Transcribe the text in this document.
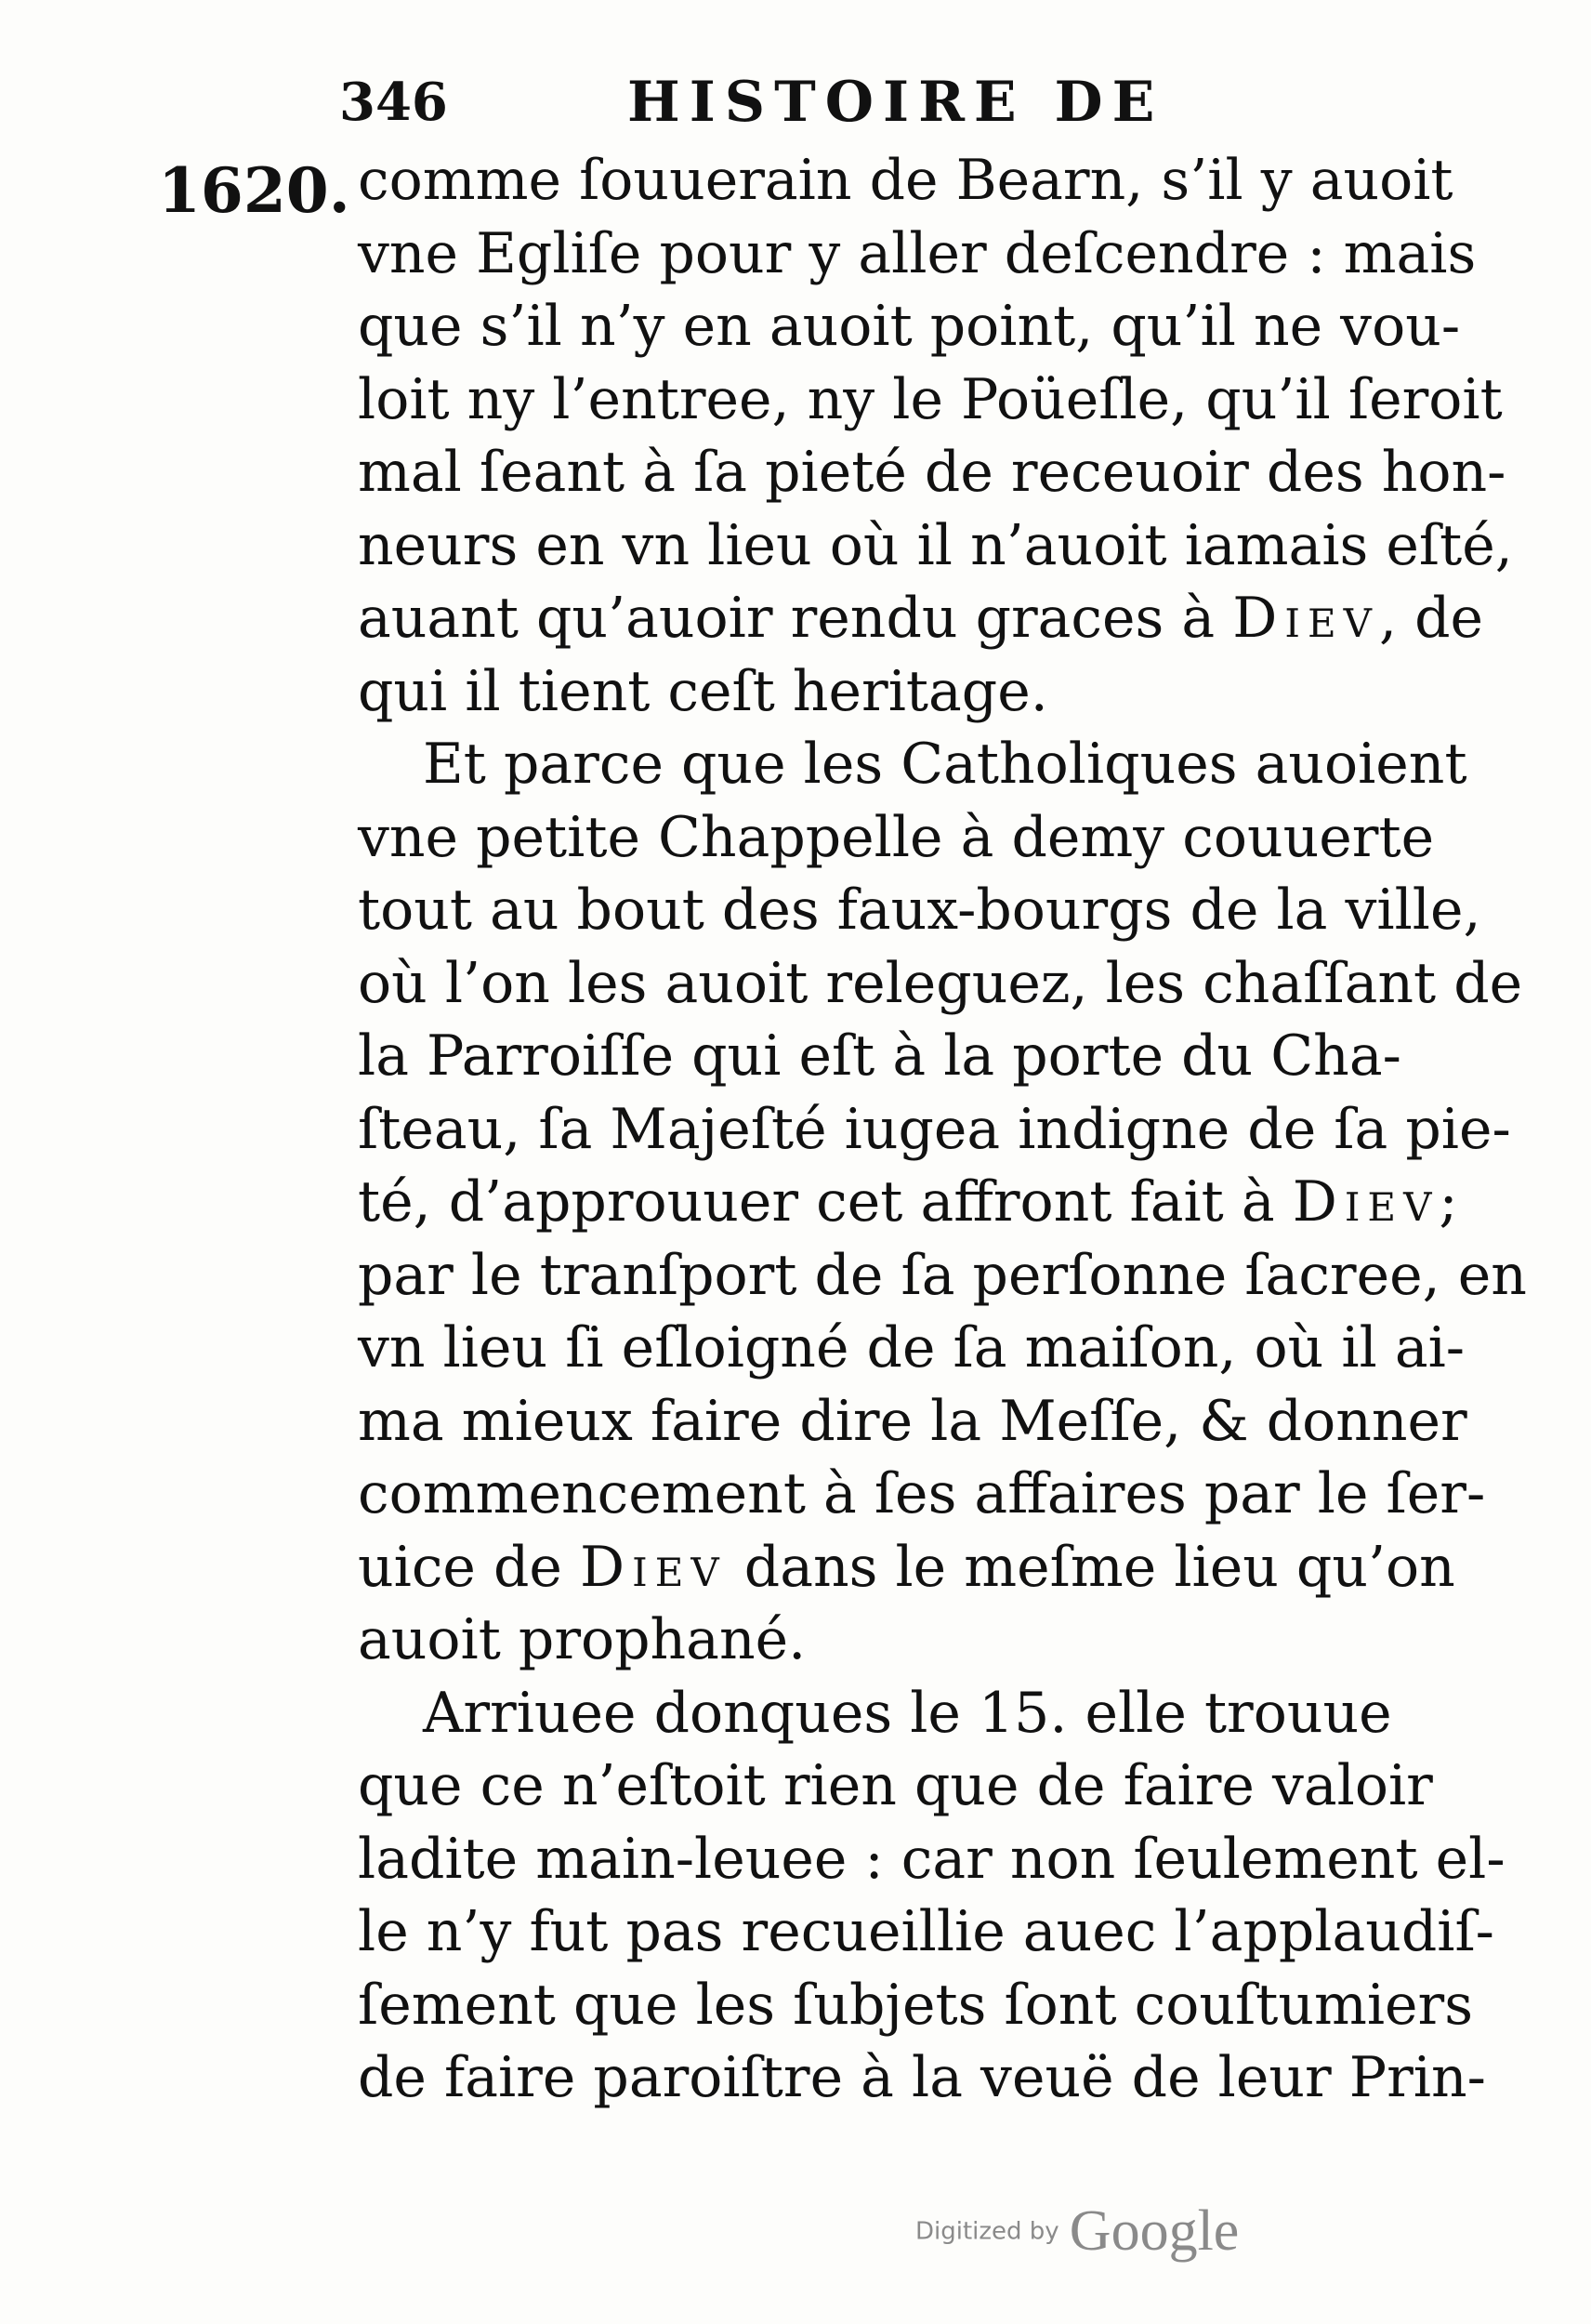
346	HISTOIRE DE
1620. comme ſouuerain de Bearn, s’il y auoit
vne Egliſe pour y aller deſcendre : mais
que s’il n’y en auoit point, qu’il ne vou-
loit ny l’entree, ny le Poüeſle, qu’il ſeroit
mal ſeant à ſa pieté de receuoir des hon-
neurs en vn lieu où il n’auoit iamais eſté,
auant qu’auoir rendu graces à Diev, de
qui il tient ceſt heritage.
Et parce que les Catholiques auoient
vne petite Chappelle à demy couuerte
tout au bout des faux-bourgs de la ville,
où l’on les auoit releguez, les chaſſant de
la Parroiſſe qui eſt à la porte du Cha-
ſteau, ſa Majeſté iugea indigne de ſa pie-
té, d’approuuer cet affront fait à Diev;
par le tranſport de ſa perſonne ſacree, en
vn lieu ſi eſloigné de ſa maiſon, où il ai-
ma mieux faire dire la Meſſe, & donner
commencement à ſes affaires par le ſer-
uice de Diev dans le meſme lieu qu’on
auoit prophané.
Arriuee donques le 15. elle trouue
que ce n’eſtoit rien que de faire valoir
ladite main-leuee : car non ſeulement el-
le n’y fut pas recueillie auec l’applaudiſ-
ſement que les ſubjets ſont couſtumiers
de faire paroiſtre à la veuë de leur Prin-
Digitized by Google
